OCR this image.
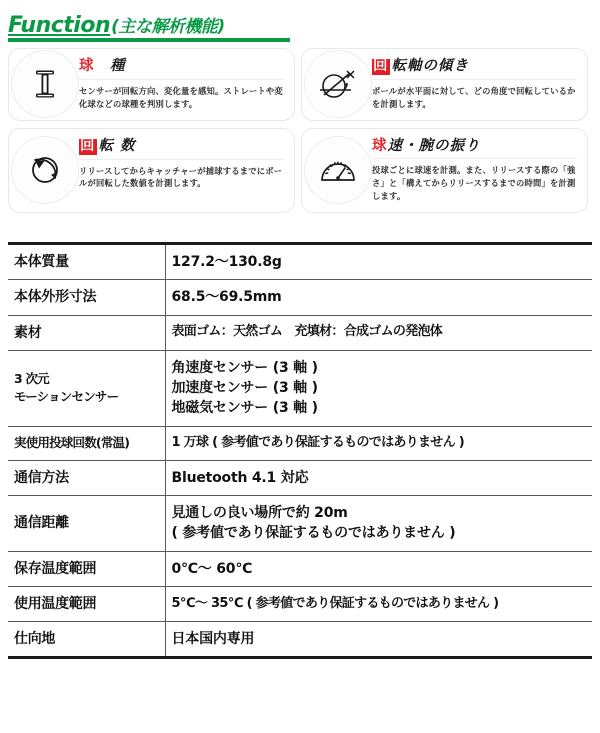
Function(主な解析機能)
球　種
センサーが回転方向、変化量を感知。ストレートや変化球などの球種を判別します。
回 転軸の傾き
ボールが水平面に対して、どの角度で回転しているかを計測します。
回 転 数
リリースしてからキャッチャーが捕球するまでにボールが回転した数値を計測します。
球速・腕の振り
投球ごとに球速を計測。また、リリースする際の「強さ」と「構えてからリリースするまでの時間」を計測します。
本体質量	127.2〜130.8g
本体外形寸法	68.5〜69.5mm
素材	表面ゴム：天然ゴム　充填材：合成ゴムの発泡体

3 次元
モーションセンサー	角速度センサー (3 軸 )
加速度センサー (3 軸 )
地磁気センサー (3 軸 )

実使用投球回数(常温)	1 万球 ( 参考値であり保証するものではありません )
通信方法	Bluetooth 4.1 対応
通信距離	見通しの良い場所で約 20m
( 参考値であり保証するものではありません )

保存温度範囲	0℃〜 60℃
使用温度範囲	5℃〜 35℃ ( 参考値であり保証するものではありません )
仕向地	日本国内専用
